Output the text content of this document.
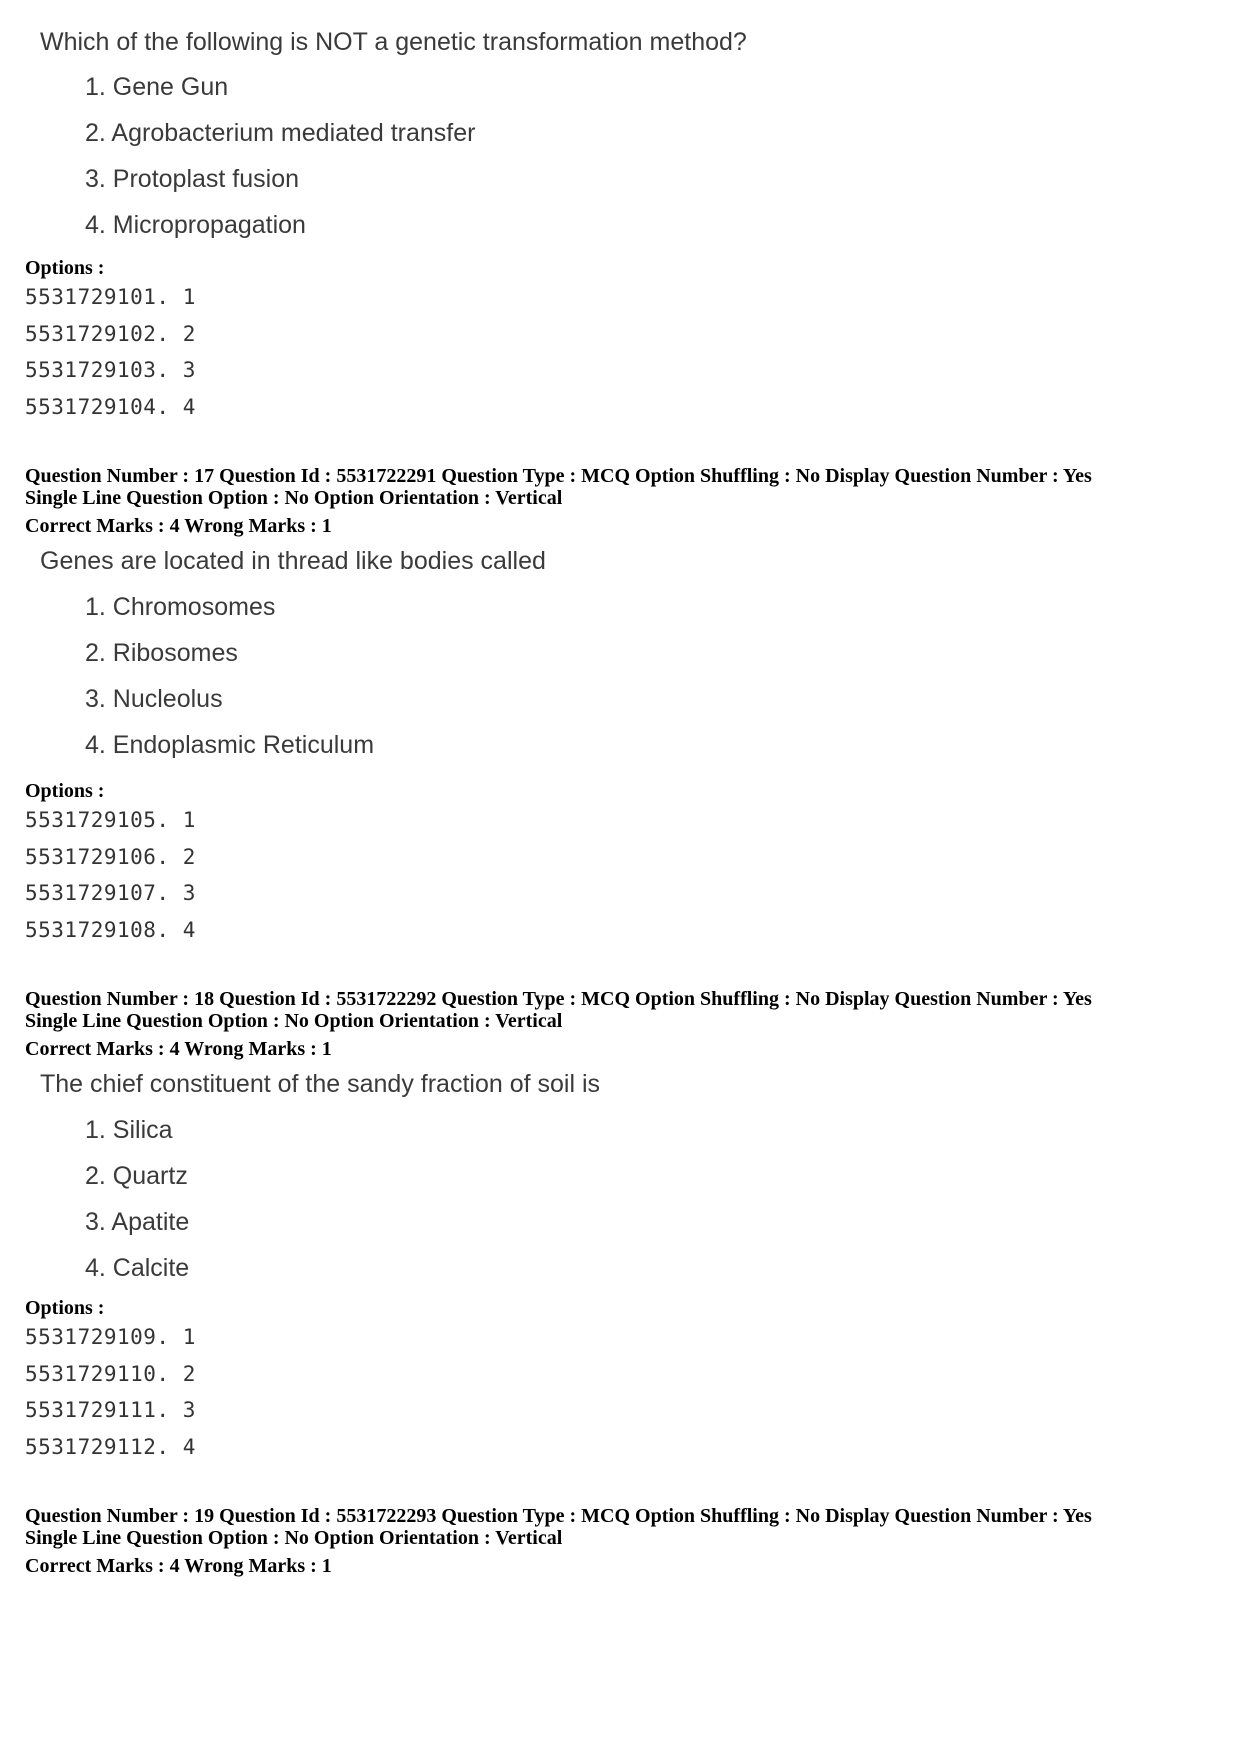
Which of the following is NOT a genetic transformation method?
1. Gene Gun
2. Agrobacterium mediated transfer
3. Protoplast fusion
4. Micropropagation
Options :
5531729101. 1
5531729102. 2
5531729103. 3
5531729104. 4
Question Number : 17 Question Id : 5531722291 Question Type : MCQ Option Shuffling : No Display Question Number : Yes
Single Line Question Option : No Option Orientation : Vertical
Correct Marks : 4 Wrong Marks : 1
Genes are located in thread like bodies called
1. Chromosomes
2. Ribosomes
3. Nucleolus
4. Endoplasmic Reticulum
Options :
5531729105. 1
5531729106. 2
5531729107. 3
5531729108. 4
Question Number : 18 Question Id : 5531722292 Question Type : MCQ Option Shuffling : No Display Question Number : Yes
Single Line Question Option : No Option Orientation : Vertical
Correct Marks : 4 Wrong Marks : 1
The chief constituent of the sandy fraction of soil is
1. Silica
2. Quartz
3. Apatite
4. Calcite
Options :
5531729109. 1
5531729110. 2
5531729111. 3
5531729112. 4
Question Number : 19 Question Id : 5531722293 Question Type : MCQ Option Shuffling : No Display Question Number : Yes
Single Line Question Option : No Option Orientation : Vertical
Correct Marks : 4 Wrong Marks : 1
